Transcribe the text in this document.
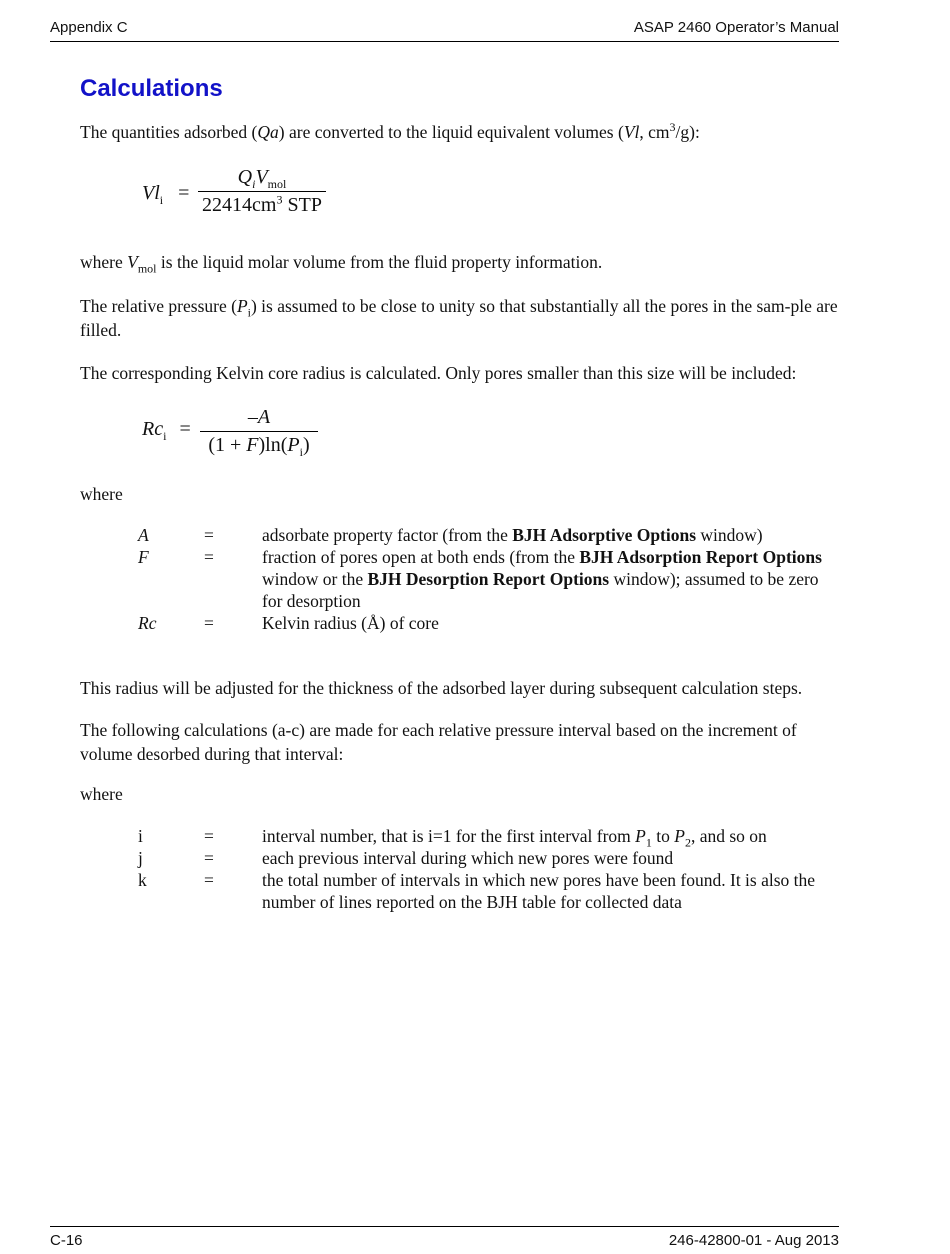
Appendix C	ASAP 2460 Operator’s Manual
Calculations

The quantities adsorbed (Qa) are converted to the liquid equivalent volumes (Vl, $cm^3/g$):

$Vl_i$ =
$Q_iV_{mol}$
$22414cm^3$ STP

where $V_{mol}$ is the liquid molar volume from the fluid property information.

The relative pressure $(P_i)$ is assumed to be close to unity so that substantially all the pores in the sam-ple are filled.

The corresponding Kelvin core radius is calculated. Only pores smaller than this size will be included:

$Rc_i$ =
–A
$(1 + F)\ln(P_i)$

where

A	=	adsorbate property factor (from the BJH Adsorptive Options window)
F	=	fraction of pores open at both ends (from the BJH Adsorption Report Options window or the BJH Desorption Report Options window); assumed to be zero for desorption
Rc	=	Kelvin radius (Å) of core

This radius will be adjusted for the thickness of the adsorbed layer during subsequent calculation steps.

The following calculations (a-c) are made for each relative pressure interval based on the increment of volume desorbed during that interval:

where

i	=	interval number, that is i=1 for the first interval from $P_1$ to $P_2$, and so on
j	=	each previous interval during which new pores were found
k	=	the total number of intervals in which new pores have been found. It is also the number of lines reported on the BJH table for collected data
C-16	246-42800-01 - Aug 2013
